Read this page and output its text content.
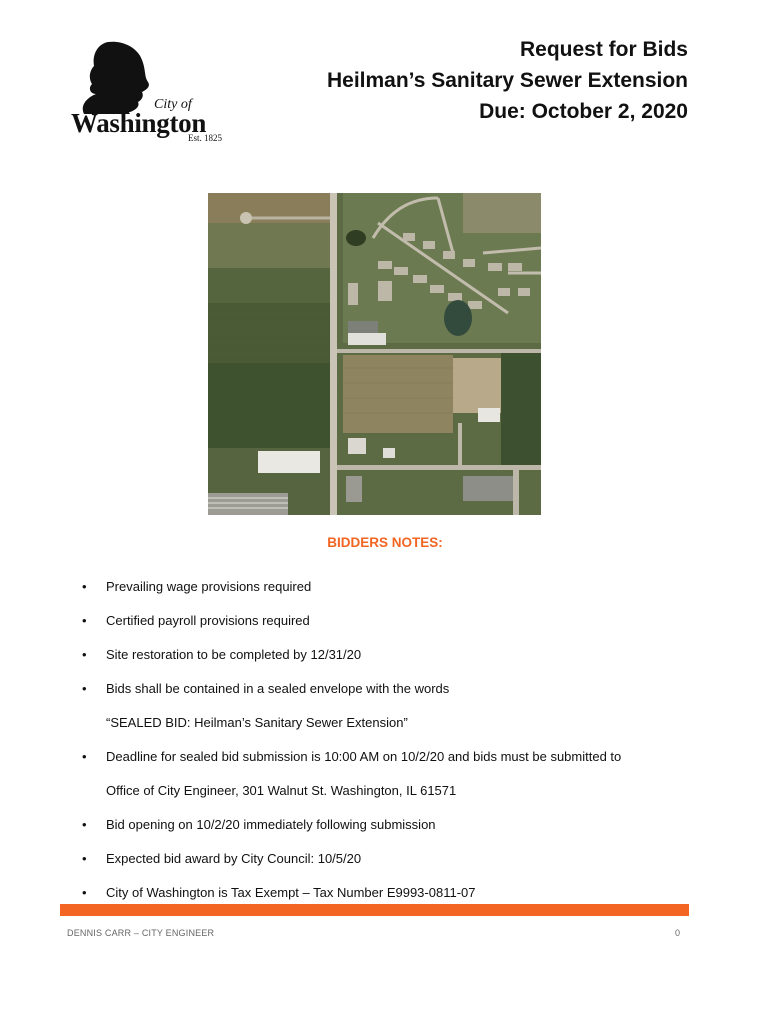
City of
Washington
Est. 1825
Request for Bids
Heilman’s Sanitary Sewer Extension
Due: October 2, 2020
BIDDERS NOTES:
• Prevailing wage provisions required
• Certified payroll provisions required
• Site restoration to be completed by 12/31/20
• Bids shall be contained in a sealed envelope with the words
“SEALED BID: Heilman’s Sanitary Sewer Extension”
• Deadline for sealed bid submission is 10:00 AM on 10/2/20 and bids must be submitted to
Office of City Engineer, 301 Walnut St. Washington, IL 61571
• Bid opening on 10/2/20 immediately following submission
• Expected bid award by City Council: 10/5/20
• City of Washington is Tax Exempt – Tax Number E9993-0811-07
DENNIS CARR – CITY ENGINEER	0
